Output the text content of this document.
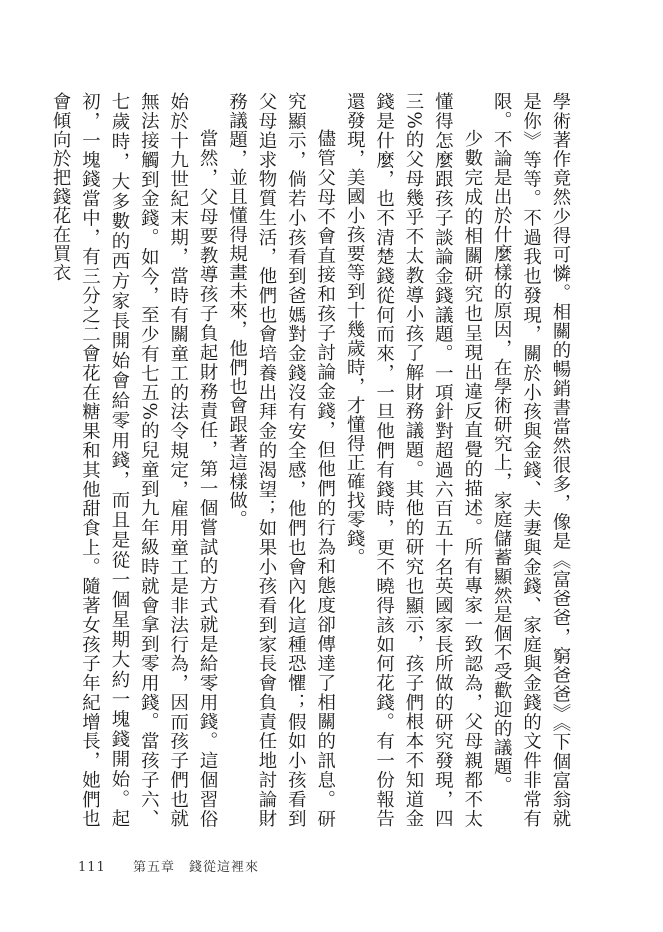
學術著作竟然少得可憐。相關的暢銷書當然很多，像是《富爸爸，窮爸爸》《下個富翁就是你》等等。不過我也發現，關於小孩與金錢、夫妻與金錢、家庭與金錢的文件非常有限。不論是出於什麼樣的原因，在學術研究上，家庭儲蓄顯然是個不受歡迎的議題。

少數完成的相關研究也呈現出違反直覺的描述。所有專家一致認為，父母親都不太懂得怎麼跟孩子談論金錢議題。一項針對超過六百五十名英國家長所做的研究發現，四三%的父母幾乎不太教導小孩了解財務議題。其他的研究也顯示，孩子們根本不知道金錢是什麼，也不清楚錢從何而來，一旦他們有錢時，更不曉得該如何花錢。有一份報告還發現，美國小孩要等到十幾歲時，才懂得正確找零錢。

儘管父母不會直接和孩子討論金錢，但他們的行為和態度卻傳達了相關的訊息。研究顯示，倘若小孩看到爸媽對金錢沒有安全感，他們也會內化這種恐懼；假如小孩看到父母追求物質生活，他們也會培養出拜金的渴望；如果小孩看到家長會負責任地討論財務議題，並且懂得規畫未來，他們也會跟著這樣做。

當然，父母要教導孩子負起財務責任，第一個嘗試的方式就是給零用錢。這個習俗始於十九世紀末期，當時有關童工的法令規定，雇用童工是非法行為，因而孩子們也就無法接觸到金錢。如今，至少有七五%的兒童到九年級時就會拿到零用錢。當孩子六、七歲時，大多數的西方家長開始會給零用錢，而且是從一個星期大約一塊錢開始。起初，一塊錢當中，有三分之二會花在糖果和其他甜食上。隨著女孩子年紀增長，她們也會傾向於把錢花在買衣

111 第五章　錢從這裡來
